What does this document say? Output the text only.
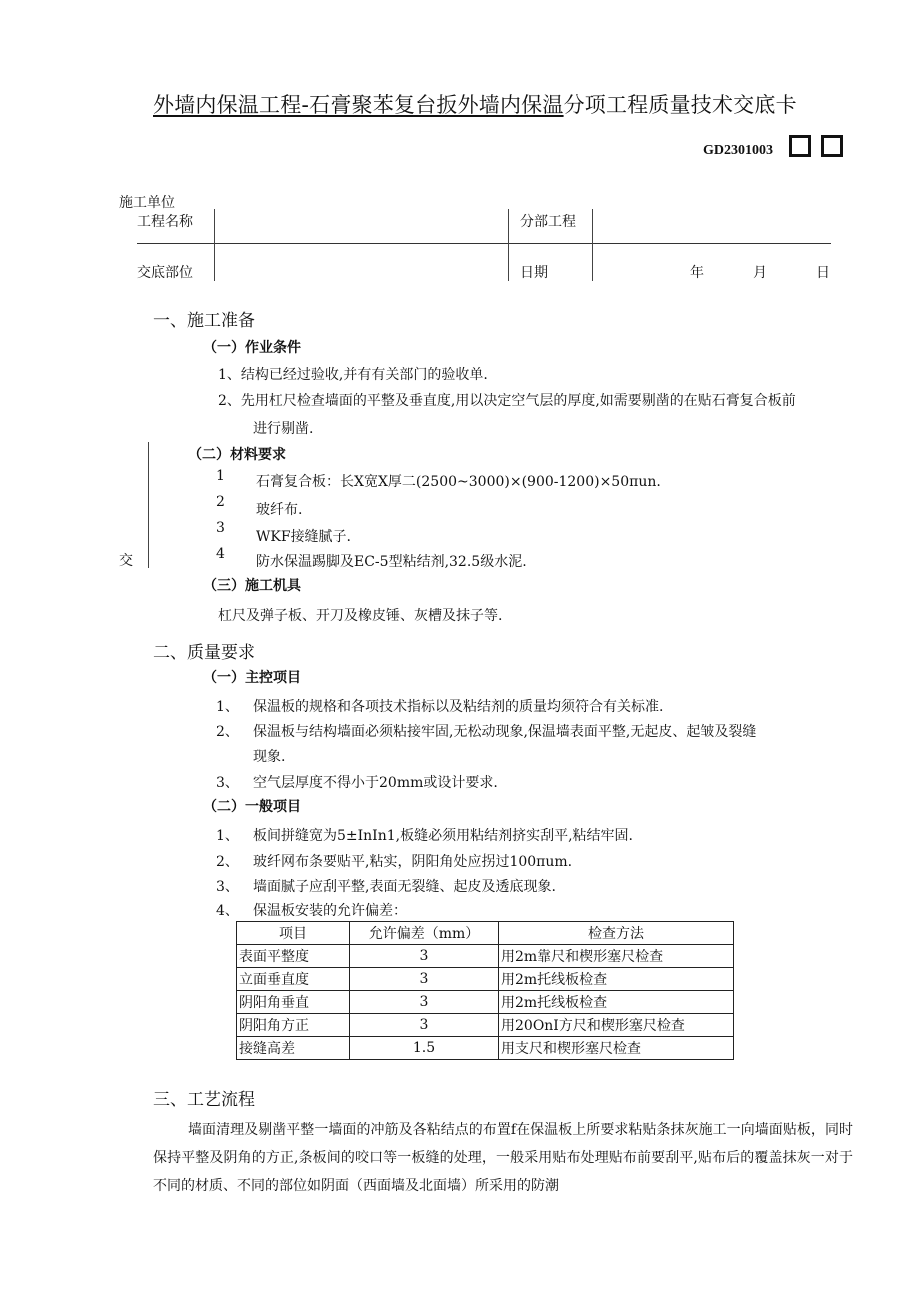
外墙内保温工程-石膏聚苯复台扳外墙内保温分项工程质量技术交底卡
GD2301003
施工单位
工程名称	分部工程
交底部位	日期	年	月	日
一、施工准备
（一）作业条件
1、结构已经过验收,并有有关部门的验收单.
2、先用杠尺检查墙面的平整及垂直度,用以决定空气层的厚度,如需要剔凿的在贴石膏复合板前
进行剔凿.
交
（二）材料要求
1 石膏复合板：长X宽X厚二(2500~3000)×(900-1200)×50πun.
2 玻纤布.
3
WKF接缝腻子.
4 防水保温踢脚及EC-5型粘结剂,32.5级水泥.
（三）施工机具
杠尺及弹子板、开刀及橡皮锤、灰槽及抹子等.
二、质量要求
（一）主控项目
1、 保温板的规格和各项技术指标以及粘结剂的质量均须符合有关标准.
2、 保温板与结构墙面必须粘接牢固,无松动现象,保温墙表面平整,无起皮、起皱及裂缝
现象.
3、 空气层厚度不得小于20mm或设计要求.
（二）一般项目
1、 板间拼缝宽为5±InIn1,板缝必须用粘结剂挤实刮平,粘结牢固.
2、 玻纤网布条要贴平,粘实，阴阳角处应拐过100πum.
3、 墙面腻子应刮平整,表面无裂缝、起皮及透底现象.
4、 保温板安装的允许偏差：
项目	允许偏差（mm）	检查方法
表面平整度	3	用2m靠尺和楔形塞尺检查
立面垂直度	3	用2m托线板检查
阴阳角垂直	3	用2m托线板检查
阴阳角方正	3	用20OnI方尺和楔形塞尺检查
接缝高差	1.5	用支尺和楔形塞尺检查
三、工艺流程
墙面清理及剔凿平整一墙面的冲筋及各粘结点的布置f在保温板上所要求粘贴条抹灰施工一向墙面贴板，同时保持平整及阴角的方正,条板间的咬口等一板缝的处理，一般采用贴布处理贴布前要刮平,贴布后的覆盖抹灰一对于不同的材质、不同的部位如阴面（西面墙及北面墙）所采用的防潮
